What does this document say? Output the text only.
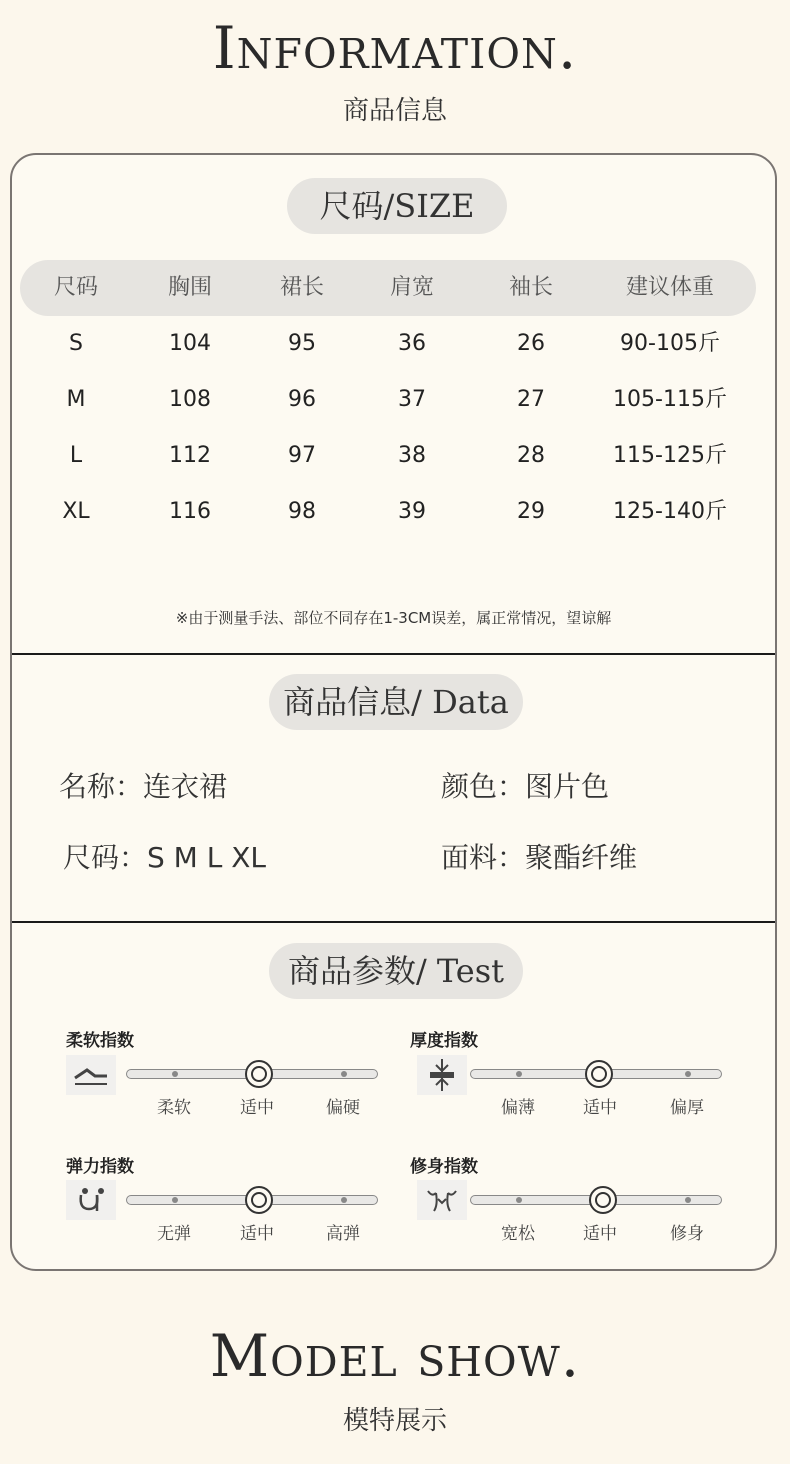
Information.
商品信息
尺码/SIZE
尺码	胸围	裙长	肩宽	袖长	建议体重
S	104	95	36	26	90-105斤
M	108	96	37	27	105-115斤
L	112	97	38	28	115-125斤
XL	116	98	39	29	125-140斤
※由于测量手法、部位不同存在1-3CM误差，属正常情况，望谅解
商品信息/ Data
名称：连衣裙	颜色：图片色
尺码：S M L XL	面料：聚酯纤维
商品参数/ Test
柔软指数
柔软	适中	偏硬
厚度指数
偏薄	适中	偏厚
弹力指数
无弹	适中	高弹
修身指数
宽松	适中	修身
Model show.
模特展示
